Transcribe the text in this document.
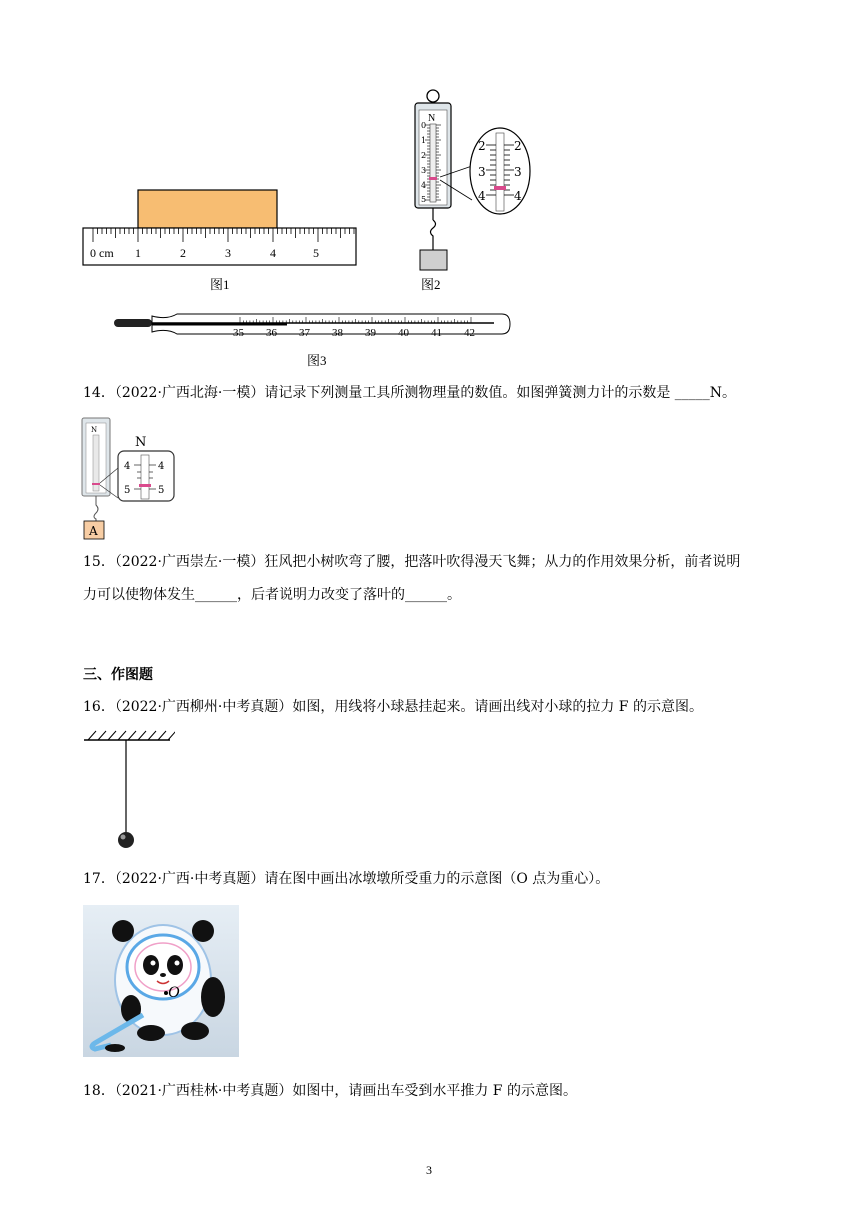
0 cm 1	2	3	4	5
图1
N
0
1
2
3
4
5
2 2
3 3
4 4
图2
35 36 37 38 39 40 41 42
图3
14．（2022·广西北海·一模）请记录下列测量工具所测物理量的数值。如图弹簧测力计的示数是 _____N。
N
A
N
4	4
5	5
15．（2022·广西崇左·一模）狂风把小树吹弯了腰，把落叶吹得漫天飞舞；从力的作用效果分析，前者说明
力可以使物体发生______，后者说明力改变了落叶的______。
三、作图题
16．（2022·广西柳州·中考真题）如图，用线将小球悬挂起来。请画出线对小球的拉力 F 的示意图。
17．（2022·广西·中考真题）请在图中画出冰墩墩所受重力的示意图（O 点为重心）。
O
18．（2021·广西桂林·中考真题）如图中，请画出车受到水平推力 F 的示意图。
3
